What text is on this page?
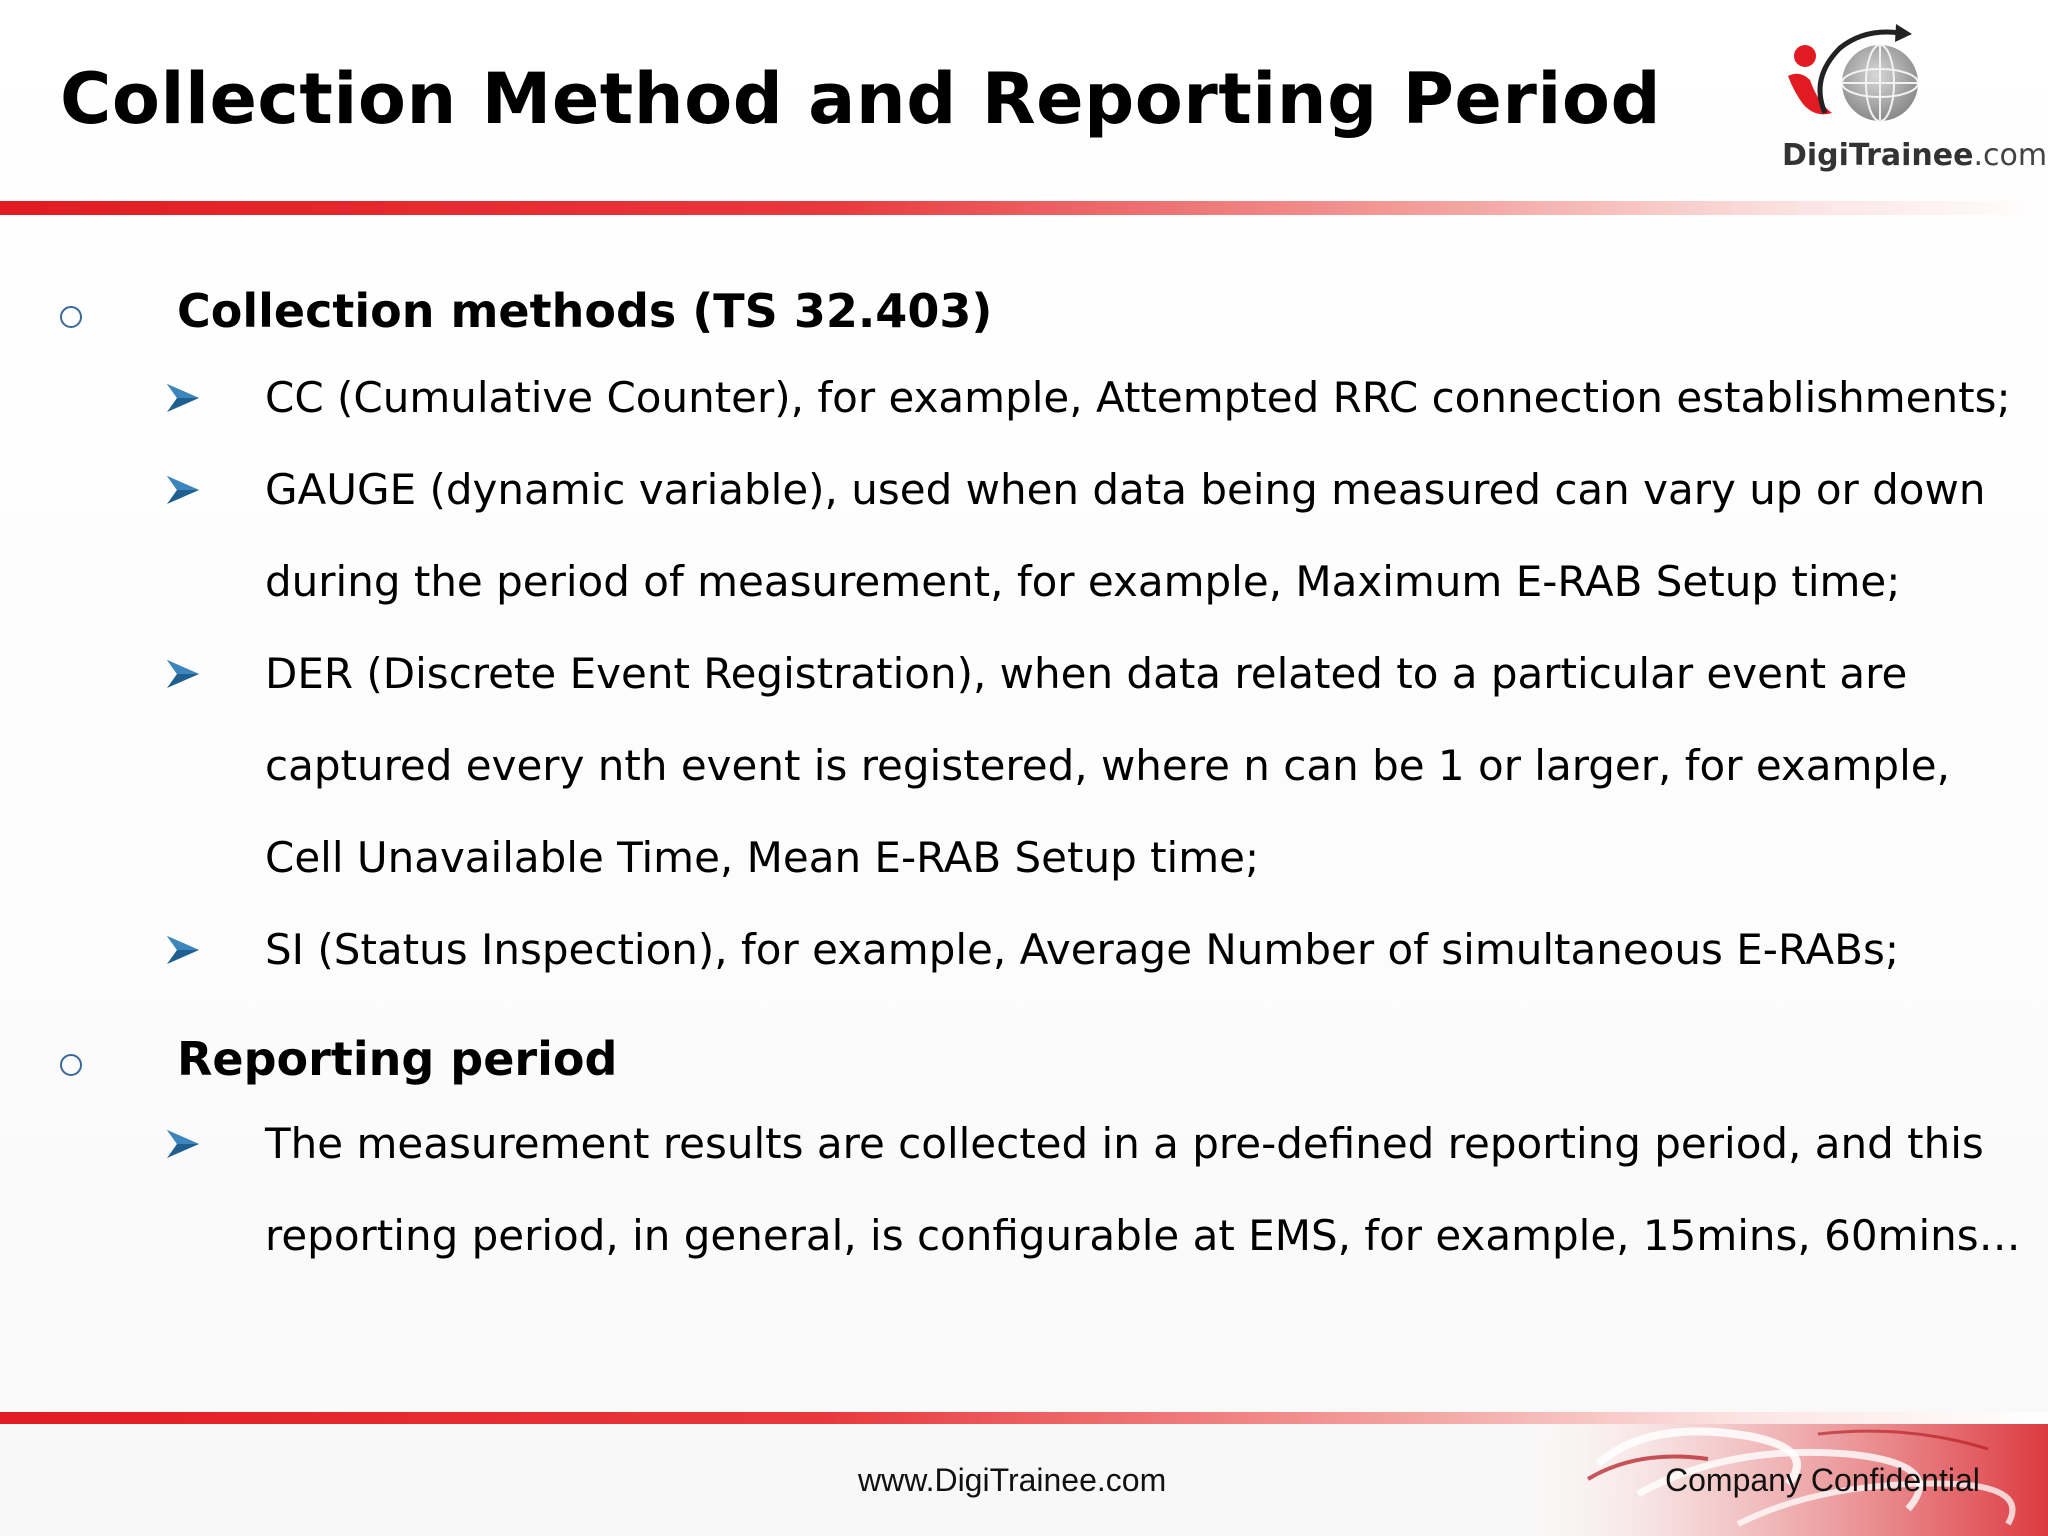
Collection Method and Reporting Period
DigiTrainee.com
Collection methods (TS 32.403)
CC (Cumulative Counter), for example, Attempted RRC connection establishments;
GAUGE (dynamic variable), used when data being measured can vary up or down during the period of measurement, for example, Maximum E-RAB Setup time;
DER (Discrete Event Registration), when data related to a particular event are captured every nth event is registered, where n can be 1 or larger, for example, Cell Unavailable Time, Mean E-RAB Setup time;
SI (Status Inspection), for example, Average Number of simultaneous E-RABs;
Reporting period
The measurement results are collected in a pre-defined reporting period, and this reporting period, in general, is configurable at EMS, for example, 15mins, 60mins…
www.DigiTrainee.com	Company Confidential
